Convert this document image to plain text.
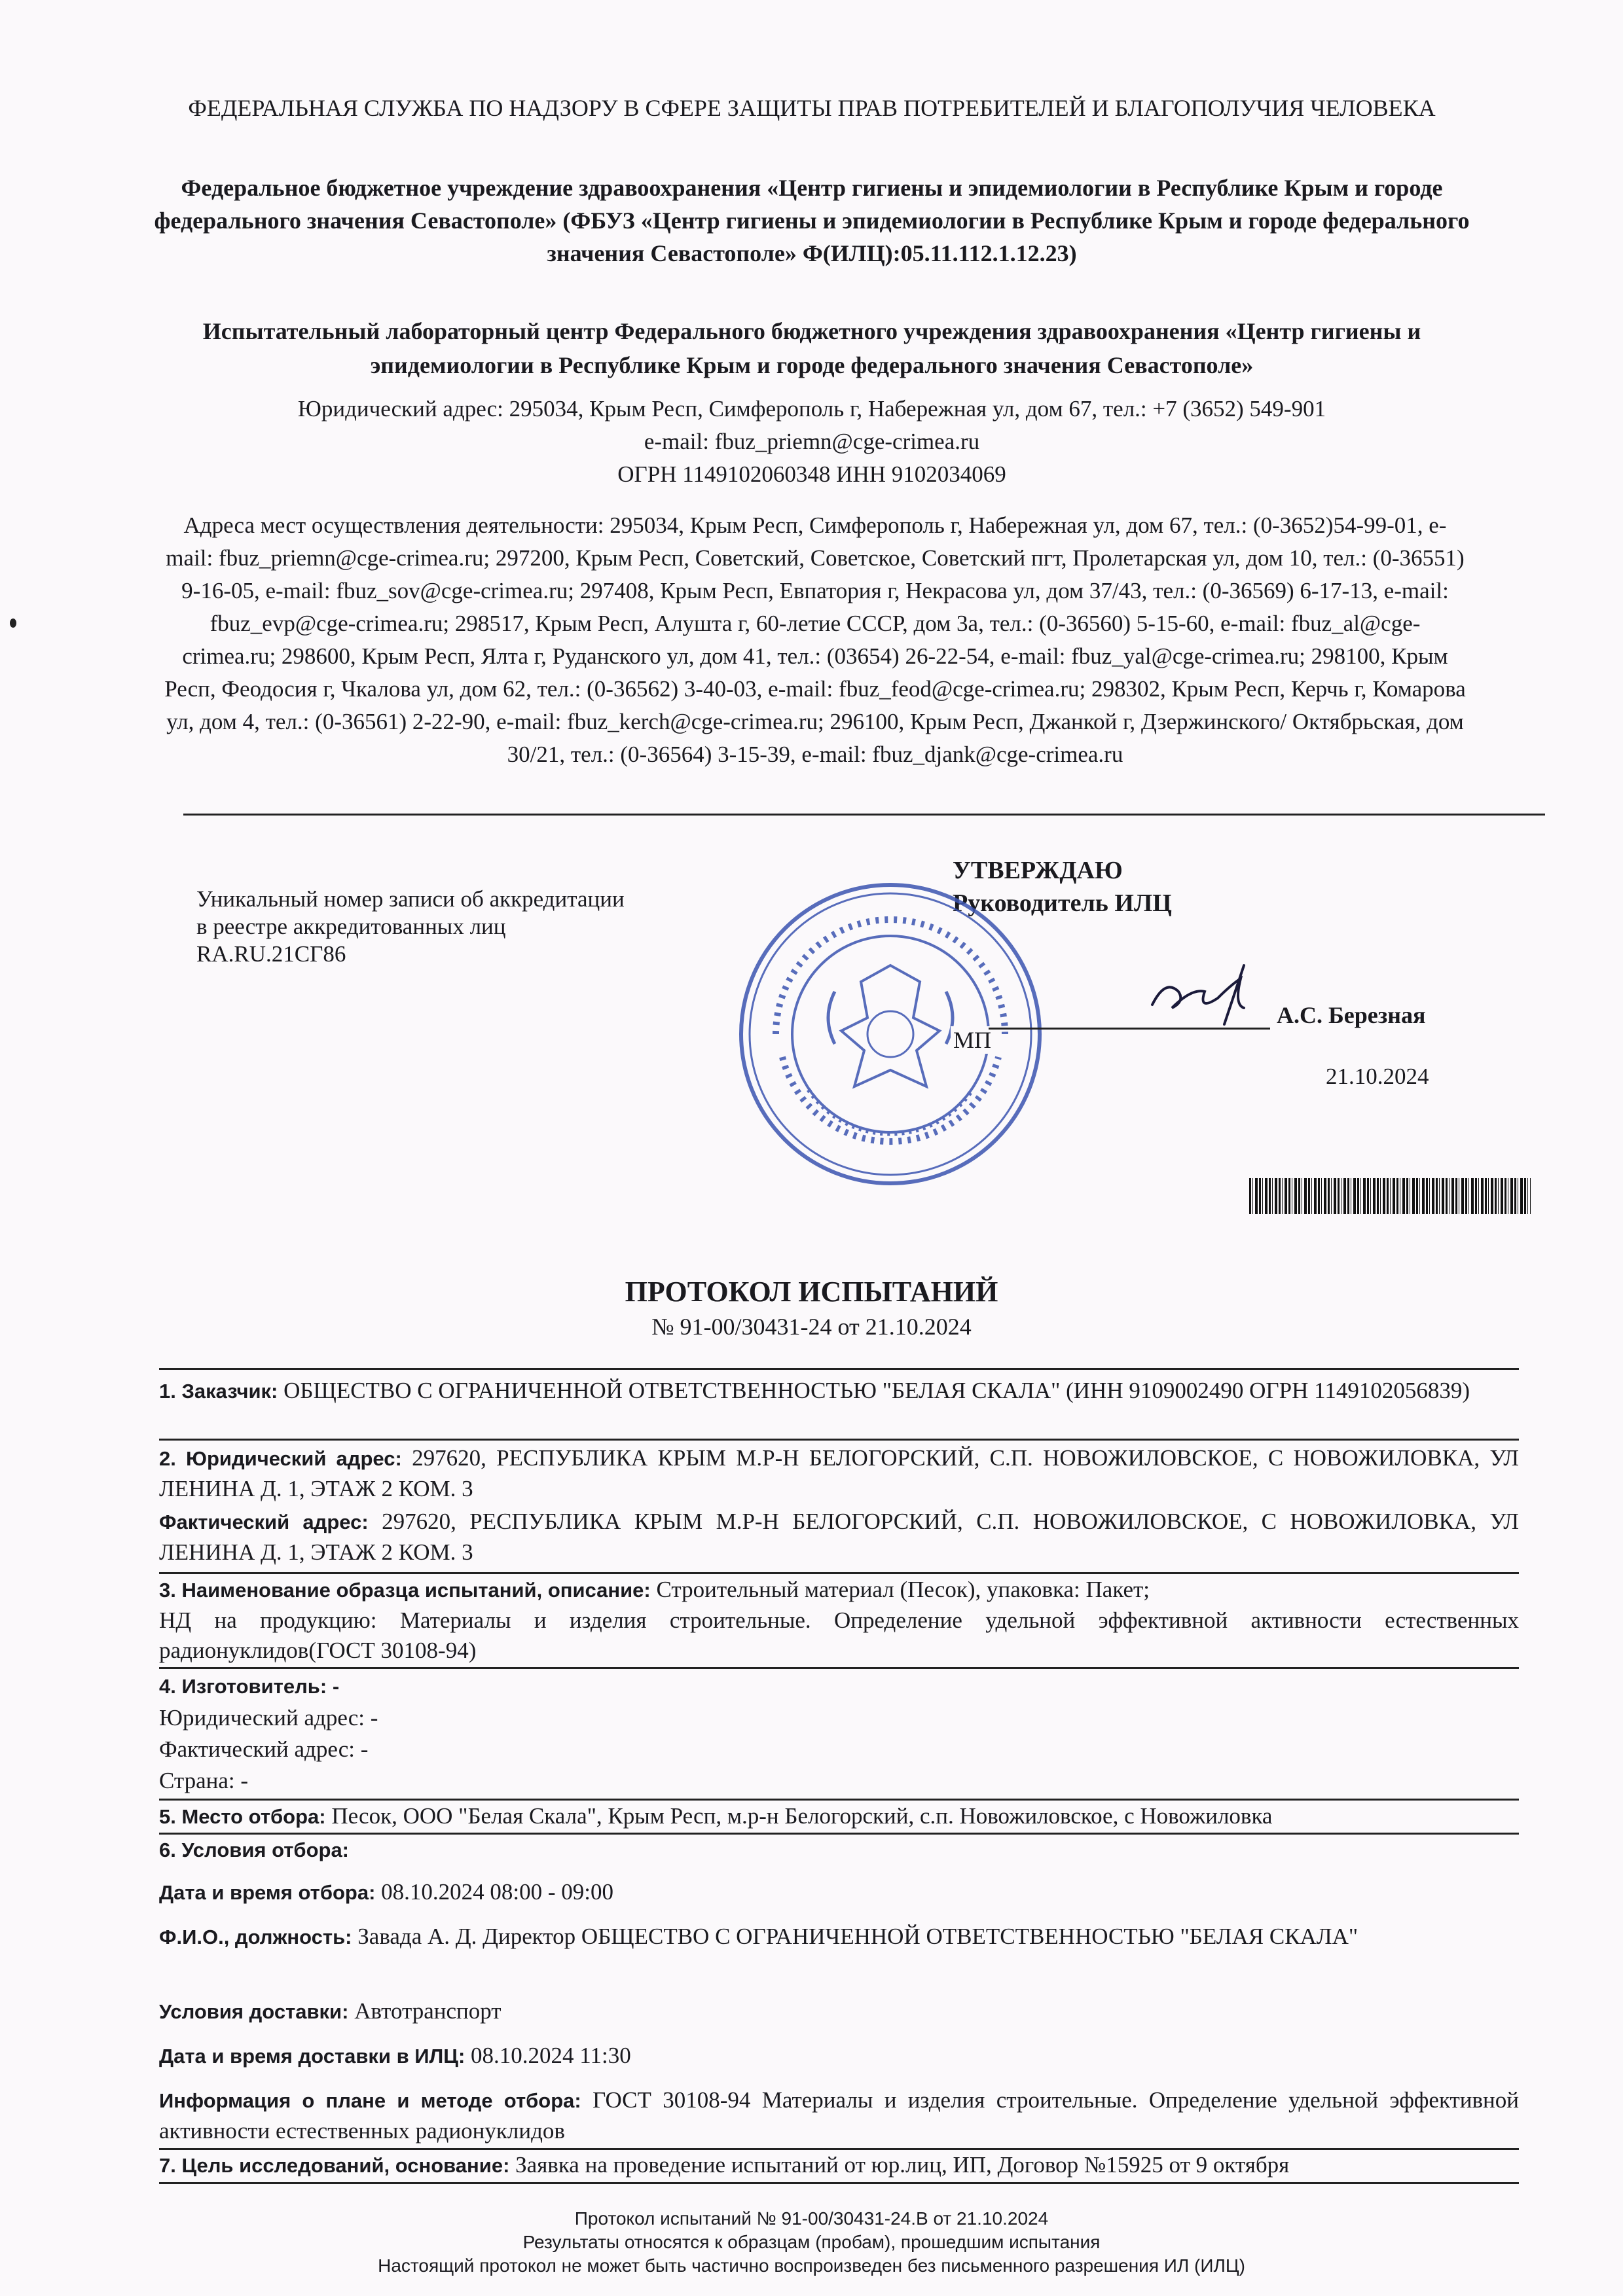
ФЕДЕРАЛЬНАЯ СЛУЖБА ПО НАДЗОРУ В СФЕРЕ ЗАЩИТЫ ПРАВ ПОТРЕБИТЕЛЕЙ И БЛАГОПОЛУЧИЯ ЧЕЛОВЕКА
Федеральное бюджетное учреждение здравоохранения «Центр гигиены и эпидемиологии в Республике Крым и городе федерального значения Севастополе» (ФБУЗ «Центр гигиены и эпидемиологии в Республике Крым и городе федерального значения Севастополе» Ф(ИЛЦ):05.11.112.1.12.23)
Испытательный лабораторный центр Федерального бюджетного учреждения здравоохранения «Центр гигиены и эпидемиологии в Республике Крым и городе федерального значения Севастополе»
Юридический адрес: 295034, Крым Респ, Симферополь г, Набережная ул, дом 67, тел.: +7 (3652) 549-901
e-mail: fbuz_priemn@cge-crimea.ru
ОГРН 1149102060348 ИНН 9102034069
Адреса мест осуществления деятельности: 295034, Крым Респ, Симферополь г, Набережная ул, дом 67, тел.: (0-3652)54-99-01, e-mail: fbuz_priemn@cge-crimea.ru; 297200, Крым Респ, Советский, Советское, Советский пгт, Пролетарская ул, дом 10, тел.: (0-36551) 9-16-05, e-mail: fbuz_sov@cge-crimea.ru; 297408, Крым Респ, Евпатория г, Некрасова ул, дом 37/43, тел.: (0-36569) 6-17-13, e-mail: fbuz_evp@cge-crimea.ru; 298517, Крым Респ, Алушта г, 60-летие СССР, дом 3а, тел.: (0-36560) 5-15-60, e-mail: fbuz_al@cge-crimea.ru; 298600, Крым Респ, Ялта г, Руданского ул, дом 41, тел.: (03654) 26-22-54, e-mail: fbuz_yal@cge-crimea.ru; 298100, Крым Респ, Феодосия г, Чкалова ул, дом 62, тел.: (0-36562) 3-40-03, e-mail: fbuz_feod@cge-crimea.ru; 298302, Крым Респ, Керчь г, Комарова ул, дом 4, тел.: (0-36561) 2-22-90, e-mail: fbuz_kerch@cge-crimea.ru; 296100, Крым Респ, Джанкой г, Дзержинского/ Октябрьская, дом 30/21, тел.: (0-36564) 3-15-39, e-mail: fbuz_djank@cge-crimea.ru
Уникальный номер записи об аккредитации
в реестре аккредитованных лиц
RA.RU.21СГ86
УТВЕРЖДАЮ
Руководитель ИЛЦ
МП
А.С. Березная
21.10.2024
ПРОТОКОЛ ИСПЫТАНИЙ
№ 91-00/30431-24 от 21.10.2024
1. Заказчик: ОБЩЕСТВО С ОГРАНИЧЕННОЙ ОТВЕТСТВЕННОСТЬЮ "БЕЛАЯ СКАЛА" (ИНН 9109002490 ОГРН 1149102056839)
2. Юридический адрес: 297620, РЕСПУБЛИКА КРЫМ М.Р-Н БЕЛОГОРСКИЙ, С.П. НОВОЖИЛОВСКОЕ, С НОВОЖИЛОВКА, УЛ ЛЕНИНА Д. 1, ЭТАЖ 2 КОМ. 3
Фактический адрес: 297620, РЕСПУБЛИКА КРЫМ М.Р-Н БЕЛОГОРСКИЙ, С.П. НОВОЖИЛОВСКОЕ, С НОВОЖИЛОВКА, УЛ ЛЕНИНА Д. 1, ЭТАЖ 2 КОМ. 3
3. Наименование образца испытаний, описание: Строительный материал (Песок), упаковка: Пакет;
НД на продукцию: Материалы и изделия строительные. Определение удельной эффективной активности естественных радионуклидов(ГОСТ 30108-94)
4. Изготовитель: -
Юридический адрес: -
Фактический адрес: -
Страна: -
5. Место отбора: Песок, ООО "Белая Скала", Крым Респ, м.р-н Белогорский, с.п. Новожиловское, с Новожиловка
6. Условия отбора:
Дата и время отбора: 08.10.2024 08:00 - 09:00
Ф.И.О., должность: Завада А. Д. Директор ОБЩЕСТВО С ОГРАНИЧЕННОЙ ОТВЕТСТВЕННОСТЬЮ "БЕЛАЯ СКАЛА"
Условия доставки: Автотранспорт
Дата и время доставки в ИЛЦ: 08.10.2024 11:30
Информация о плане и методе отбора: ГОСТ 30108-94 Материалы и изделия строительные. Определение удельной эффективной активности естественных радионуклидов
7. Цель исследований, основание: Заявка на проведение испытаний от юр.лиц, ИП, Договор №15925 от 9 октября
Протокол испытаний № 91-00/30431-24.В от 21.10.2024
Результаты относятся к образцам (пробам), прошедшим испытания
Настоящий протокол не может быть частично воспроизведен без письменного разрешения ИЛ (ИЛЦ)
